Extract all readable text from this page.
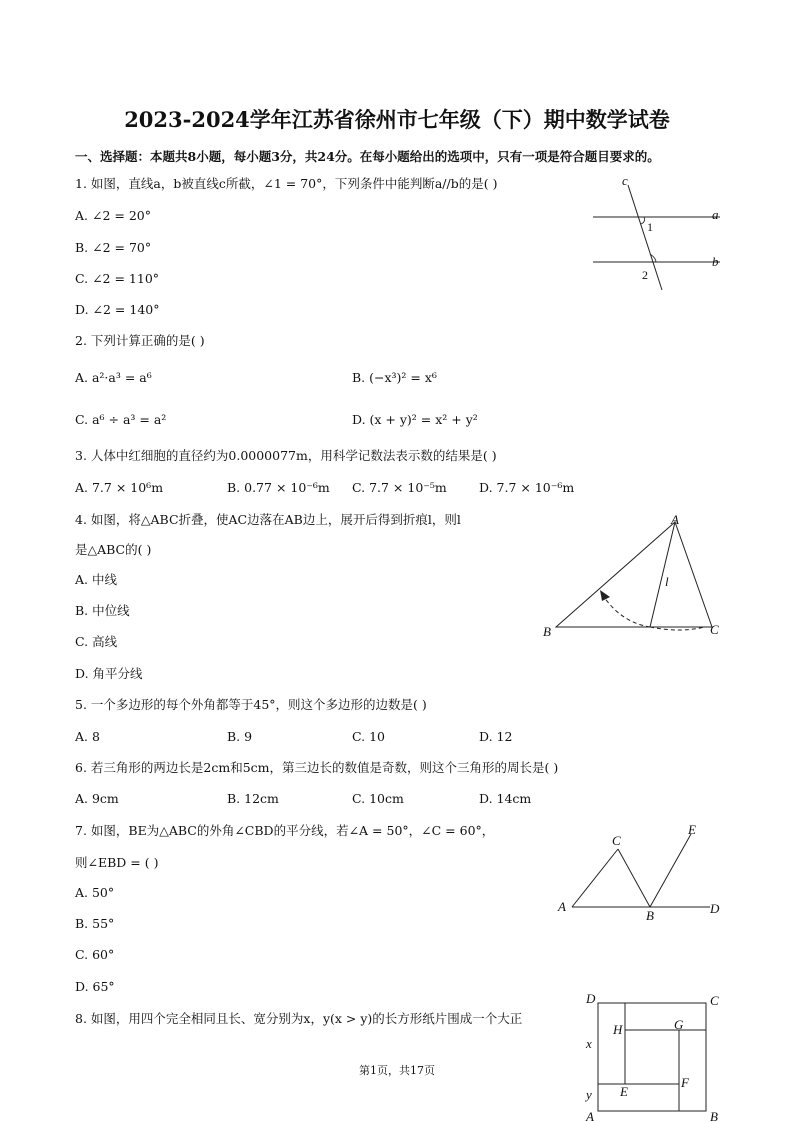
2023-2024学年江苏省徐州市七年级（下）期中数学试卷
一、选择题：本题共8小题，每小题3分，共24分。在每小题给出的选项中，只有一项是符合题目要求的。
1. 如图，直线a，b被直线c所截，∠1 = 70°，下列条件中能判断a//b的是( )
A. ∠2 = 20°
B. ∠2 = 70°
C. ∠2 = 110°
D. ∠2 = 140°
c
a
b
1
2
2. 下列计算正确的是( )
A. a²·a³ = a⁶	B. (−x³)² = x⁶
C. a⁶ ÷ a³ = a²	D. (x + y)² = x² + y²
3. 人体中红细胞的直径约为0.0000077m，用科学记数法表示数的结果是( )
A. 7.7 × 10⁶m	B. 0.77 × 10⁻⁶m C. 7.7 × 10⁻⁵m	D. 7.7 × 10⁻⁶m
4. 如图，将△ABC折叠，使AC边落在AB边上，展开后得到折痕l，则l
是△ABC的( )
A. 中线
B. 中位线
C. 高线
D. 角平分线
A
B	C
l
5. 一个多边形的每个外角都等于45°，则这个多边形的边数是( )
A. 8	B. 9	C. 10	D. 12
6. 若三角形的两边长是2cm和5cm，第三边长的数值是奇数，则这个三角形的周长是( )
A. 9cm	B. 12cm	C. 10cm	D. 14cm
7. 如图，BE为△ABC的外角∠CBD的平分线，若∠A = 50°，∠C = 60°，
则∠EBD = ( )
A. 50°
B. 55°
C. 60°
D. 65°
C
E
A
B	D
8. 如图，用四个完全相同且长、宽分别为x，y(x > y)的长方形纸片围成一个大正
D	C
H	G
x
E
F
y
A	B
第1页，共17页
